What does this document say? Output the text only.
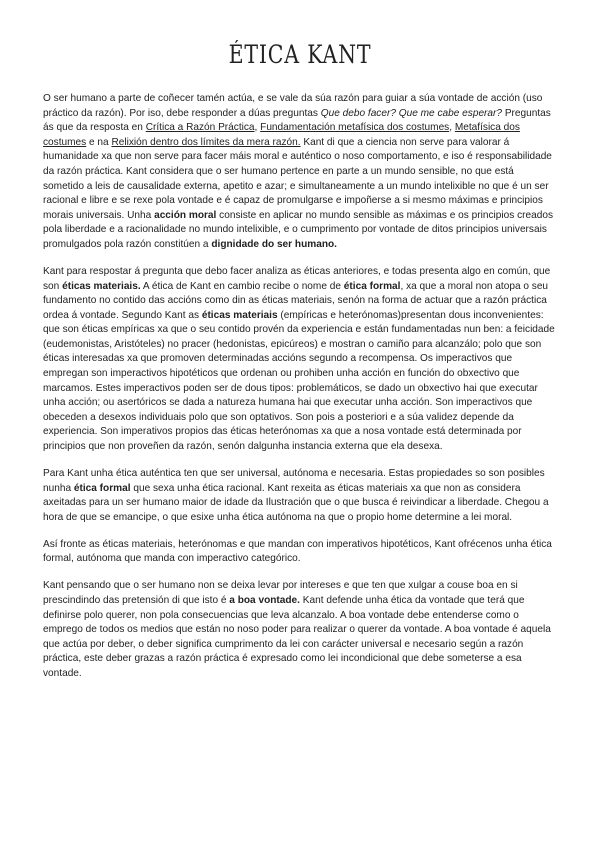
ÉTICA KANT

O ser humano a parte de coñecer tamén actúa, e se vale da súa razón para guiar a súa vontade de acción (uso práctico da razón). Por iso, debe responder a dúas preguntas Que debo facer? Que me cabe esperar? Preguntas ás que da resposta en Crítica a Razón Práctica, Fundamentación metafísica dos costumes, Metafísica dos costumes e na Relixión dentro dos límites da mera razón. Kant di que a ciencia non serve para valorar á humanidade xa que non serve para facer máis moral e auténtico o noso comportamento, e iso é responsabilidade da razón práctica. Kant considera que o ser humano pertence en parte a un mundo sensible, no que está sometido a leis de causalidade externa, apetito e azar; e simultaneamente a un mundo intelixible no que é un ser racional e libre e se rexe pola vontade e é capaz de promulgarse e impoñerse a si mesmo máximas e principios morais universais. Unha acción moral consiste en aplicar no mundo sensible as máximas e os principios creados pola liberdade e a racionalidade no mundo intelixible, e o cumprimento por vontade de ditos principios universais promulgados pola razón constitúen a dignidade do ser humano.

Kant para respostar á pregunta que debo facer analiza as éticas anteriores, e todas presenta algo en común, que son éticas materiais. A ética de Kant en cambio recibe o nome de ética formal, xa que a moral non atopa o seu fundamento no contido das accións como din as éticas materiais, senón na forma de actuar que a razón práctica ordea á vontade. Segundo Kant as éticas materiais (empíricas e heterónomas)presentan dous inconvenientes: que son éticas empíricas xa que o seu contido provén da experiencia e están fundamentadas nun ben: a feicidade (eudemonistas, Aristóteles) no pracer (hedonistas, epicúreos) e mostran o camiño para alcanzálo; polo que son éticas interesadas xa que promoven determinadas accións segundo a recompensa. Os imperactivos que empregan son imperactivos hipotéticos que ordenan ou prohiben unha acción en función do obxectivo que marcamos. Estes imperactivos poden ser de dous tipos: problemáticos, se dado un obxectivo hai que executar unha acción; ou asertóricos se dada a natureza humana hai que executar unha acción. Son imperactivos que obeceden a desexos individuais polo que son optativos. Son pois a posteriori e a súa validez depende da experiencia. Son imperativos propios das éticas heterónomas xa que a nosa vontade está determinada por principios que non proveñen da razón, senón dalgunha instancia externa que ela desexa.

Para Kant unha ética auténtica ten que ser universal, autónoma e necesaria. Estas propiedades so son posibles nunha ética formal que sexa unha ética racional. Kant rexeita as éticas materiais xa que non as considera axeitadas para un ser humano maior de idade da Ilustración que o que busca é reivindicar a liberdade. Chegou a hora de que se emancipe, o que esixe unha ética autónoma na que o propio home determine a lei moral.

Así fronte as éticas materiais, heterónomas e que mandan con imperativos hipotéticos, Kant ofrécenos unha ética formal, autónoma que manda con imperactivo categórico.

Kant pensando que o ser humano non se deixa levar por intereses e que ten que xulgar a couse boa en si prescindindo das pretensión di que isto é a boa vontade. Kant defende unha ética da vontade que terá que definirse polo querer, non pola consecuencias que leva alcanzalo. A boa vontade debe entenderse como o emprego de todos os medios que están no noso poder para realizar o querer da vontade. A boa vontade é aquela que actúa por deber, o deber significa cumprimento da lei con carácter universal e necesario según a razón práctica, este deber grazas a razón práctica é expresado como lei incondicional que debe someterse a esa vontade.
